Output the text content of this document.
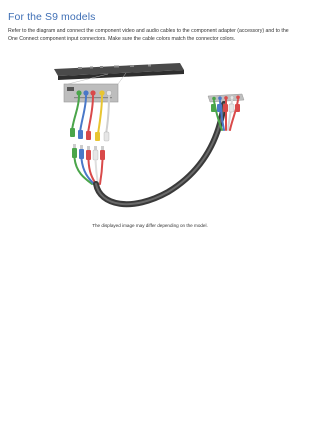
For the S9 models

Refer to the diagram and connect the component video and audio cables to the component adapter (accessory) and to the One Connect component input connectors. Make sure the cable colors match the connector colors.

The displayed image may differ depending on the model.
